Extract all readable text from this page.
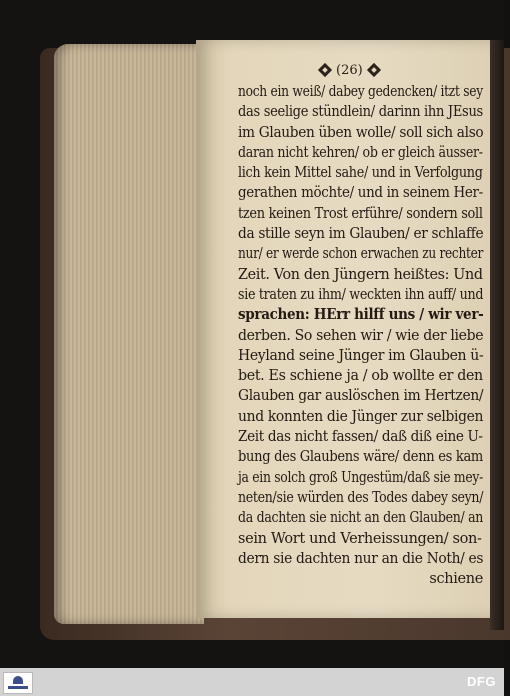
(26)
noch ein weiß/ dabey gedencken/ itzt sey
das seelige stündlein/ darinn ihn JEsus
im Glauben üben wolle/ soll sich also
daran nicht kehren/ ob er gleich äusser-
lich kein Mittel sahe/ und in Verfolgung
gerathen möchte/ und in seinem Her-
tzen keinen Trost erführe/ sondern soll
da stille seyn im Glauben/ er schlaffe
nur/ er werde schon erwachen zu rechter
Zeit. Von den Jüngern heißtes: Und
sie traten zu ihm/ weckten ihn auff/ und
sprachen: HErr hilff uns / wir ver-
derben. So sehen wir / wie der liebe
Heyland seine Jünger im Glauben ü-
bet. Es schiene ja / ob wollte er den
Glauben gar auslöschen im Hertzen/
und konnten die Jünger zur selbigen
Zeit das nicht fassen/ daß diß eine U-
bung des Glaubens wäre/ denn es kam
ja ein solch groß Ungestüm/daß sie mey-
neten/sie würden des Todes dabey seyn/
da dachten sie nicht an den Glauben/ an
sein Wort und Verheissungen/ son-
dern sie dachten nur an die Noth/ es
schiene
DFG
